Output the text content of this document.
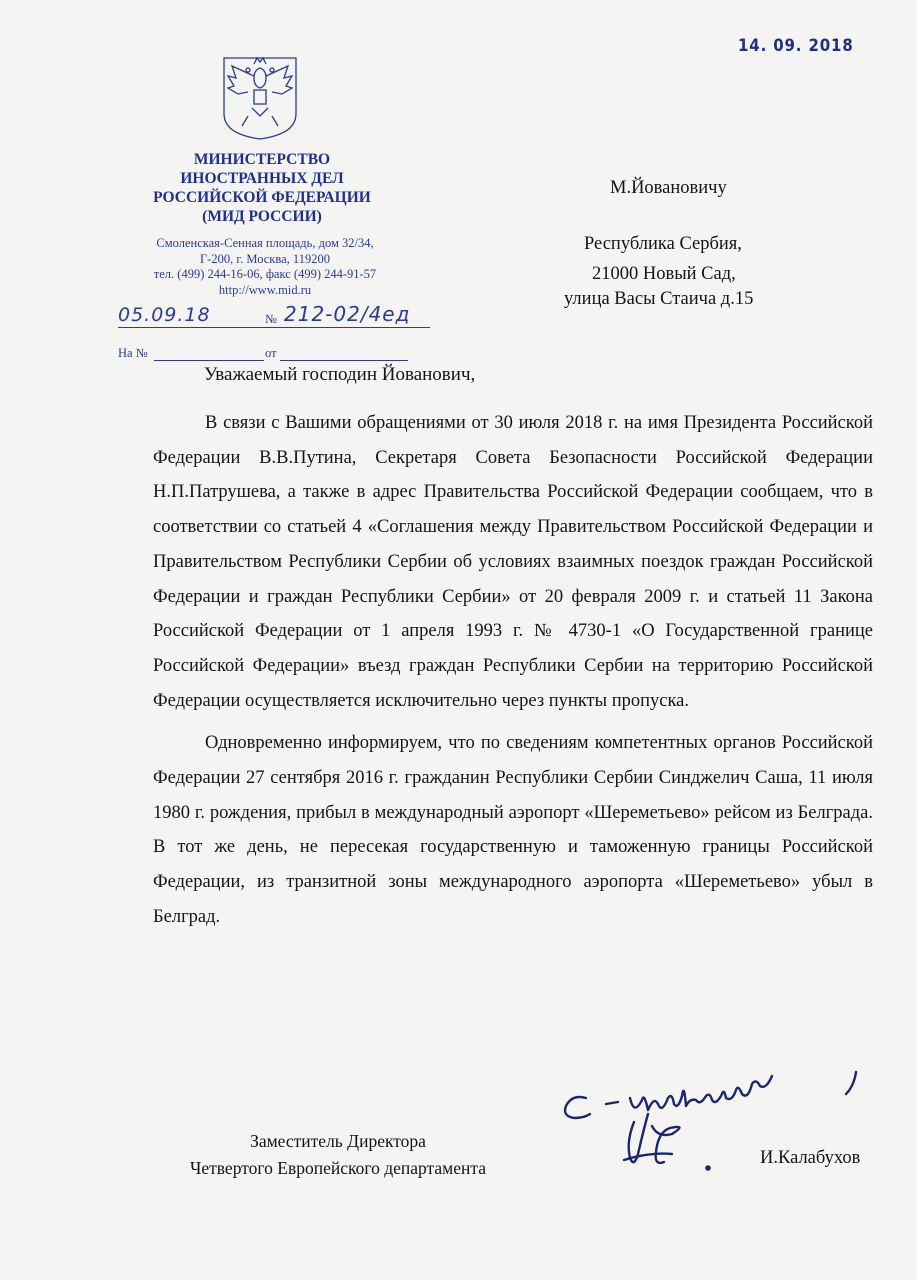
14. 09. 2018
МИНИСТЕРСТВО
ИНОСТРАННЫХ ДЕЛ
РОССИЙСКОЙ ФЕДЕРАЦИИ
(МИД РОССИИ)
Смоленская-Сенная площадь, дом 32/34,
Г-200, г. Москва, 119200
тел. (499) 244-16-06, факс (499) 244-91-57
http://www.mid.ru
05.09.18	№ 212-02/4ед
На №	от
М.Йовановичу
Республика Сербия,
21000 Новый Сад,
улица Васы Стаича д.15
Уважаемый господин Йованович,

В связи с Вашими обращениями от 30 июля 2018 г. на имя Президента Российской Федерации В.В.Путина, Секретаря Совета Безопасности Российской Федерации Н.П.Патрушева, а также в адрес Правительства Российской Федерации сообщаем, что в соответствии со статьей 4 «Соглашения между Правительством Российской Федерации и Правительством Республики Сербии об условиях взаимных поездок граждан Российской Федерации и граждан Республики Сербии» от 20 февраля 2009 г. и статьей 11 Закона Российской Федерации от 1 апреля 1993 г. № 4730-1 «О Государственной границе Российской Федерации» въезд граждан Республики Сербии на территорию Российской Федерации осуществляется исключительно через пункты пропуска.

Одновременно информируем, что по сведениям компетентных органов Российской Федерации 27 сентября 2016 г. гражданин Республики Сербии Синджелич Саша, 11 июля 1980 г. рождения, прибыл в международный аэропорт «Шереметьево» рейсом из Белграда. В тот же день, не пересекая государственную и таможенную границы Российской Федерации, из транзитной зоны международного аэропорта «Шереметьево» убыл в Белград.

Заместитель Директора
Четвертого Европейского департамента	И.Калабухов
